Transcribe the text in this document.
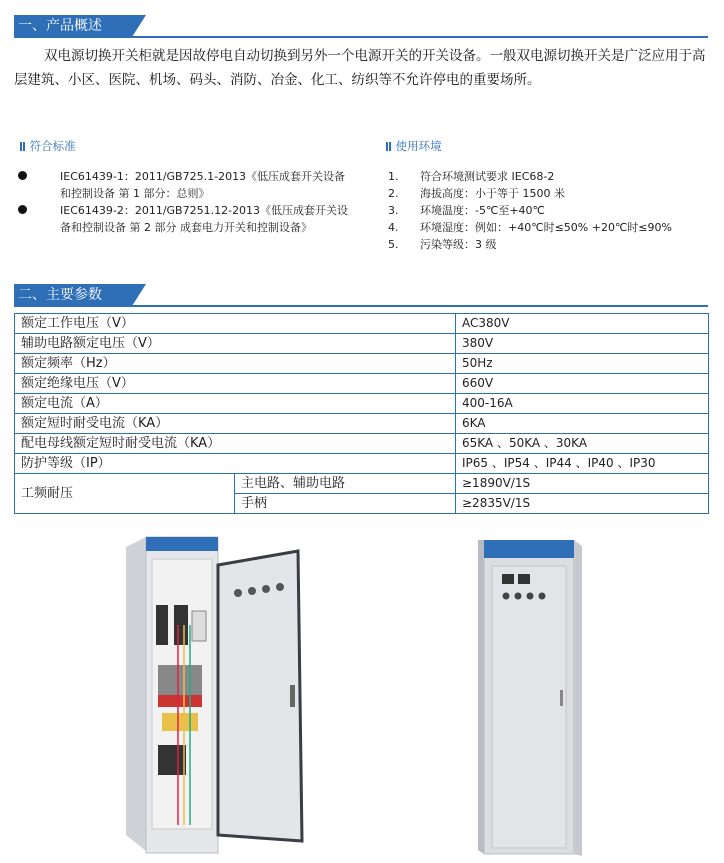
一、产品概述
双电源切换开关柜就是因故停电自动切换到另外一个电源开关的开关设备。一般双电源切换开关是广泛应用于高层建筑、小区、医院、机场、码头、消防、冶金、化工、纺织等不允许停电的重要场所。
符合标准
IEC61439-1：2011/GB725.1-2013《低压成套开关设备和控制设备 第 1 部分：总则》
IEC61439-2：2011/GB7251.12-2013《低压成套开关设备和控制设备 第 2 部分 成套电力开关和控制设备》
使用环境
1. 符合环境测试要求 IEC68-2
2. 海拔高度：小于等于 1500 米
3. 环境温度：-5℃至+40℃
4. 环境湿度：例如：+40℃时≤50% +20℃时≤90%
5. 污染等级：3 级
二、主要参数
额定工作电压（V）		AC380V
辅助电路额定电压（V）		380V
额定频率（Hz）		50Hz
额定绝缘电压（V）		660V
额定电流（A）		400-16A
额定短时耐受电流（KA）		6KA
配电母线额定短时耐受电流（KA）		65KA 、50KA 、30KA
防护等级（IP）		IP65 、IP54 、IP44 、IP40 、IP30
工频耐压	主电路、辅助电路	≥1890V/1S
	手柄	≥2835V/1S
